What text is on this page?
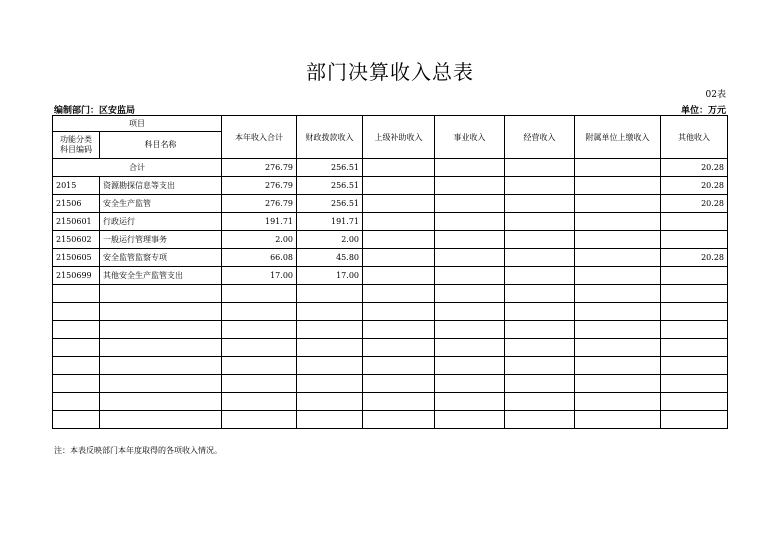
部门决算收入总表
02表
编制部门：区安监局	单位：万元
项目		本年收入合计	财政拨款收入	上级补助收入	事业收入	经营收入	附属单位上缴收入	其他收入
功能分类
科目编码	科目名称							
合计		276.79	256.51					20.28
2015	资源勘探信息等支出	276.79	256.51					20.28
21506	安全生产监管	276.79	256.51					20.28
2150601	行政运行	191.71	191.71					
2150602	一般运行管理事务	2.00	2.00					
2150605	安全监管监察专项	66.08	45.80					20.28
2150699	其他安全生产监管支出	17.00	17.00					

注：本表反映部门本年度取得的各项收入情况。
